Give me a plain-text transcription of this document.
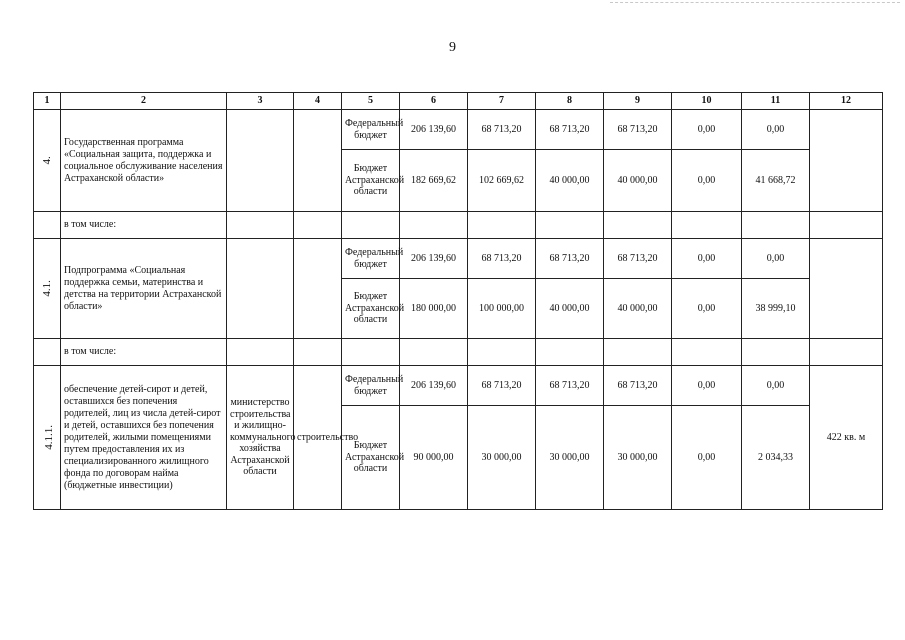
9
1	2	3	4	5	6	7	8	9	10	11	12
4.	Государственная программа «Социальная защита, поддержка и социальное обслуживание населения Астраханской области»			Федеральный бюджет	206 139,60	68 713,20	68 713,20	68 713,20	0,00	0,00	
				Бюджет Астраханской области	182 669,62	102 669,62	40 000,00	40 000,00	0,00	41 668,72	
	в том числе:										
4.1.	Подпрограмма «Социальная поддержка семьи, материнства и детства на территории Астраханской области»			Федеральный бюджет	206 139,60	68 713,20	68 713,20	68 713,20	0,00	0,00	
				Бюджет Астраханской области	180 000,00	100 000,00	40 000,00	40 000,00	0,00	38 999,10	
	в том числе:										
4.1.1.	обеспечение детей-сирот и детей, оставшихся без попечения родителей, лиц из числа детей-сирот и детей, оставшихся без попечения родителей, жилыми помещениями путем предоставления их из специализированного жилищного фонда по договорам найма (бюджетные инвестиции)	министерство строительства и жилищно-коммунального хозяйства Астраханской области	строительство	Федеральный бюджет	206 139,60	68 713,20	68 713,20	68 713,20	0,00	0,00	422 кв. м
				Бюджет Астраханской области	90 000,00	30 000,00	30 000,00	30 000,00	0,00	2 034,33	
